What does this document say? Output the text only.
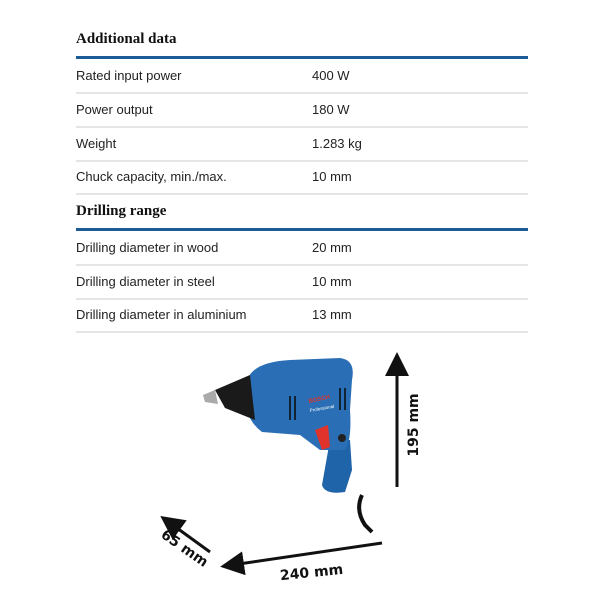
Additional data
Rated input power	400 W
Power output	180 W
Weight	1.283 kg
Chuck capacity, min./max.	10 mm
Drilling range
Drilling diameter in wood	20 mm
Drilling diameter in steel	10 mm
Drilling diameter in aluminium	13 mm
BOSCH
Professional	195 mm
65 mm
240 mm
